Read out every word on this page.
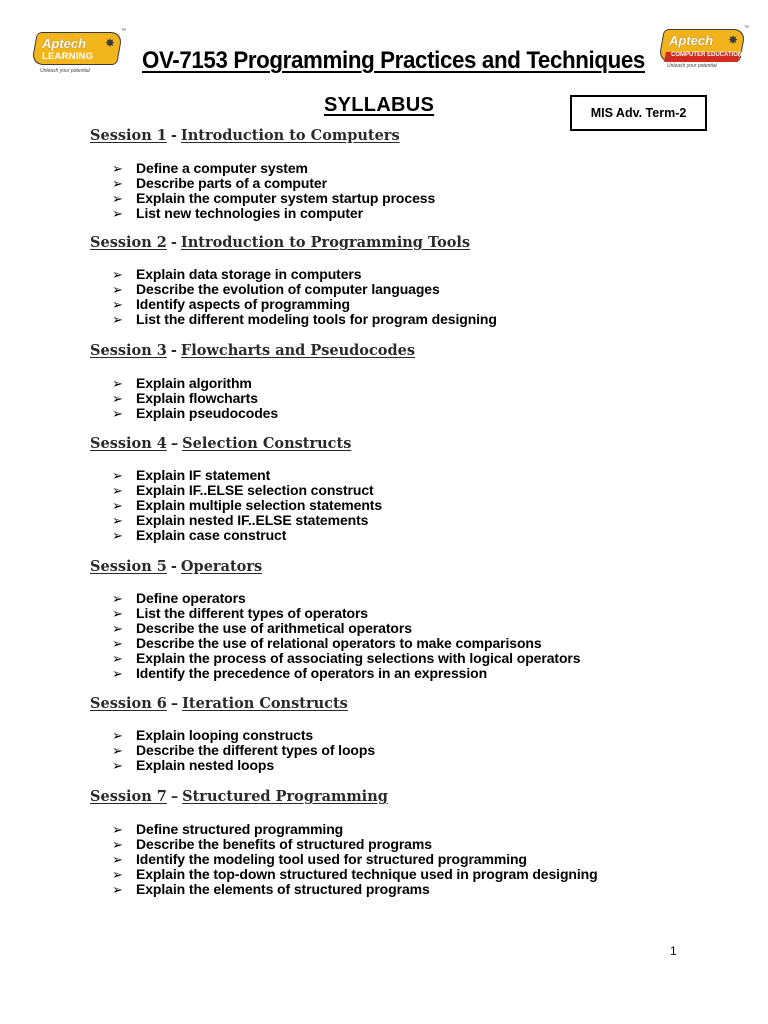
Aptech
LEARNING
✸
™
Unleash your potential
Aptech
COMPUTER EDUCATION
✸
™
Unleash your potential
OV-7153 Programming Practices and Techniques
SYLLABUS	MIS Adv. Term-2
Session 1 - Introduction to Computers
➢ Define a computer system
➢ Describe parts of a computer
➢ Explain the computer system startup process
➢ List new technologies in computer
Session 2 - Introduction to Programming Tools
➢ Explain data storage in computers
➢ Describe the evolution of computer languages
➢ Identify aspects of programming
➢ List the different modeling tools for program designing
Session 3 - Flowcharts and Pseudocodes
➢ Explain algorithm
➢ Explain flowcharts
➢ Explain pseudocodes
Session 4 – Selection Constructs
➢ Explain IF statement
➢ Explain IF..ELSE selection construct
➢ Explain multiple selection statements
➢ Explain nested IF..ELSE statements
➢ Explain case construct
Session 5 - Operators
➢ Define operators
➢ List the different types of operators
➢ Describe the use of arithmetical operators
➢ Describe the use of relational operators to make comparisons
➢ Explain the process of associating selections with logical operators
➢ Identify the precedence of operators in an expression
Session 6 – Iteration Constructs
➢ Explain looping constructs
➢ Describe the different types of loops
➢ Explain nested loops
Session 7 – Structured Programming
➢ Define structured programming
➢ Describe the benefits of structured programs
➢ Identify the modeling tool used for structured programming
➢ Explain the top-down structured technique used in program designing
➢ Explain the elements of structured programs
1
